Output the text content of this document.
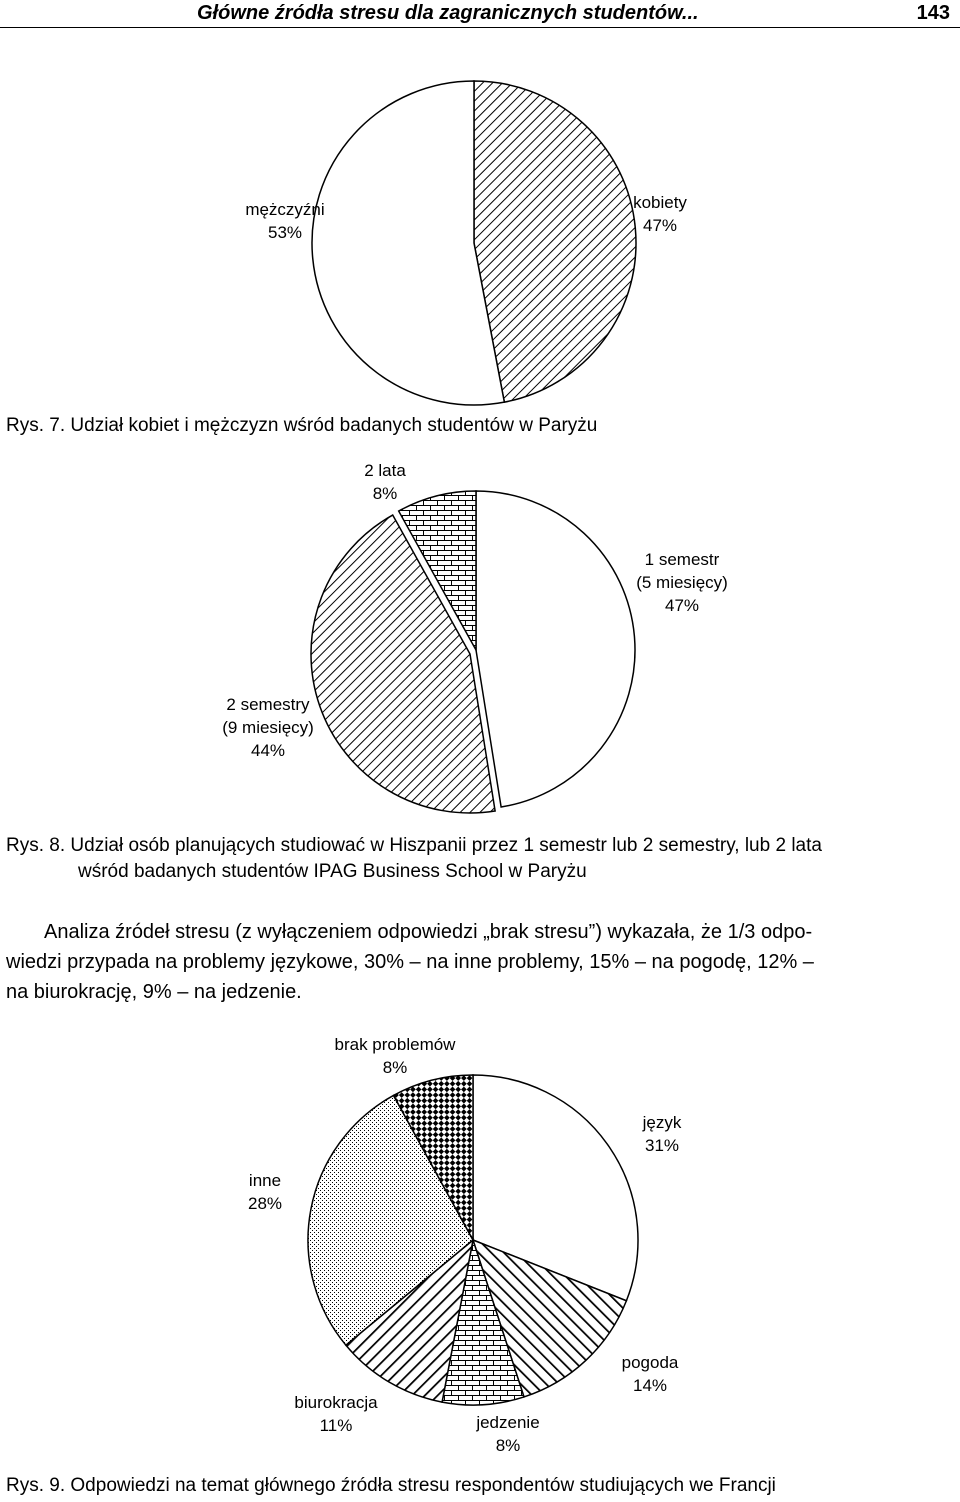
Główne źródła stresu dla zagranicznych studentów...	143
kobiety 47%
mężczyźni 53%
Rys. 7. Udział kobiet i mężczyzn wśród badanych studentów w Paryżu
1 semestr (5 miesięcy) 47%
2 semestry (9 miesięcy) 44%
2 lata 8%
Rys. 8. Udział osób planujących studiować w Hiszpanii przez 1 semestr lub 2 semestry, lub 2 lata
wśród badanych studentów IPAG Business School w Paryżu
Analiza źródeł stresu (z wyłączeniem odpowiedzi „brak stresu”) wykazała, że 1/3 odpo-
wiedzi przypada na problemy językowe, 30% – na inne problemy, 15% – na pogodę, 12% –
na biurokrację, 9% – na jedzenie.
język 31%
pogoda 14%
jedzenie 8%
biurokracja 11%
inne 28%
brak problemów 8%
Rys. 9. Odpowiedzi na temat głównego źródła stresu respondentów studiujących we Francji
